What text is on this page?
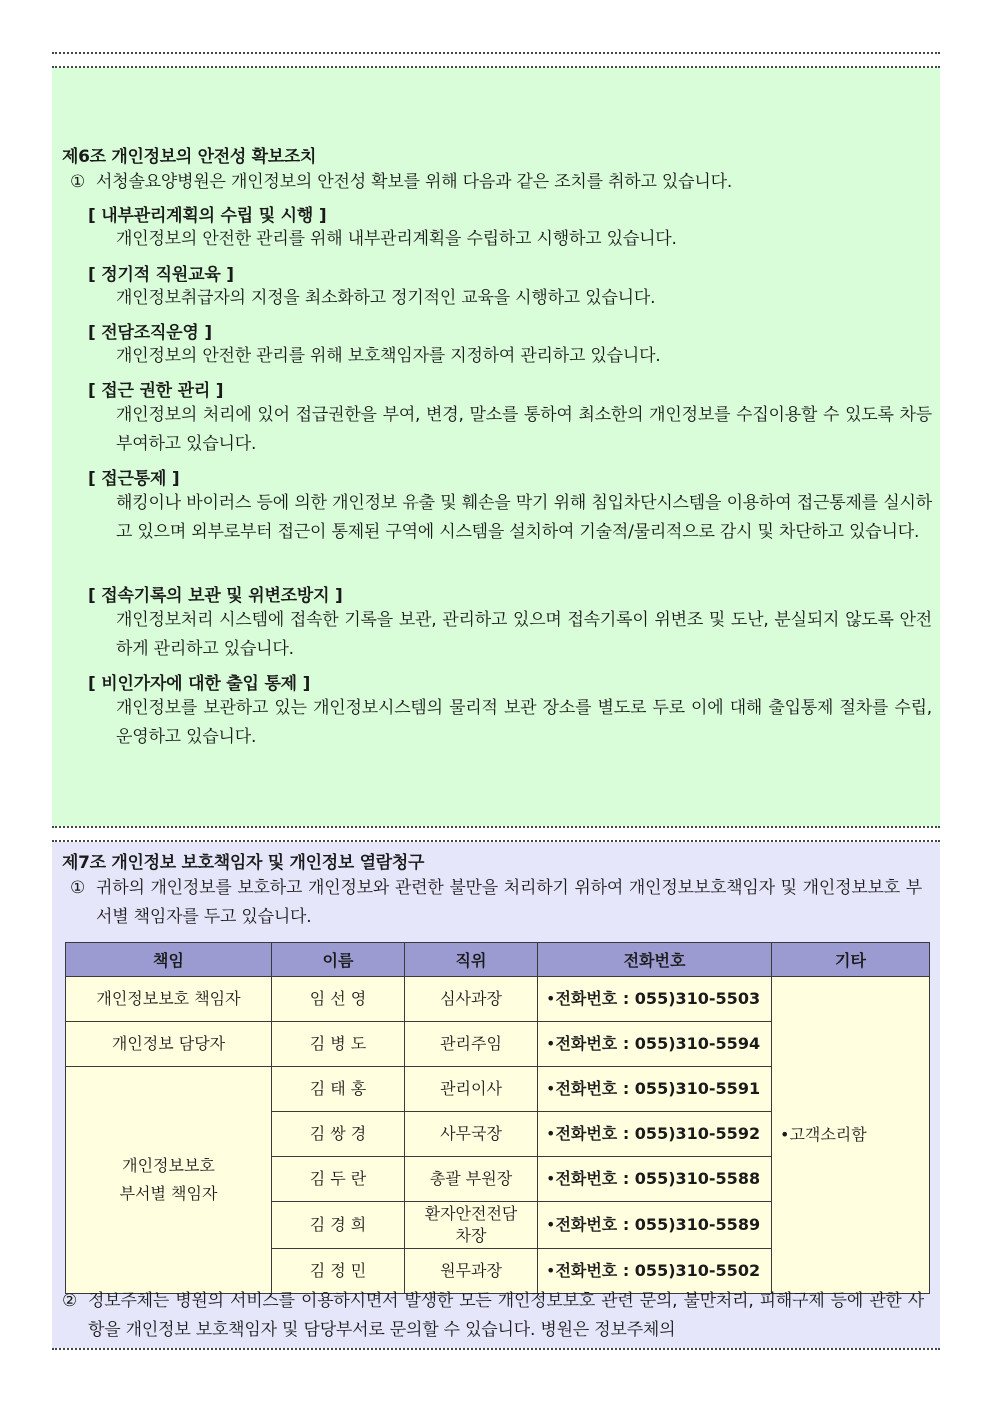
제6조 개인정보의 안전성 확보조치
① 서청솔요양병원은 개인정보의 안전성 확보를 위해 다음과 같은 조치를 취하고 있습니다.
[ 내부관리계획의 수립 및 시행 ]
개인정보의 안전한 관리를 위해 내부관리계획을 수립하고 시행하고 있습니다.
[ 정기적 직원교육 ]
개인정보취급자의 지정을 최소화하고 정기적인 교육을 시행하고 있습니다.
[ 전담조직운영 ]
개인정보의 안전한 관리를 위해 보호책임자를 지정하여 관리하고 있습니다.
[ 접근 권한 관리 ]
개인정보의 처리에 있어 접급권한을 부여, 변경, 말소를 통하여 최소한의 개인정보를 수집이용할 수 있도록 차등부여하고 있습니다.
[ 접근통제 ]
해킹이나 바이러스 등에 의한 개인정보 유출 및 훼손을 막기 위해 침입차단시스템을 이용하여 접근통제를 실시하고 있으며 외부로부터 접근이 통제된 구역에 시스템을 설치하여 기술적/물리적으로 감시 및 차단하고 있습니다.
[ 접속기록의 보관 및 위변조방지 ]
개인정보처리 시스템에 접속한 기록을 보관, 관리하고 있으며 접속기록이 위변조 및 도난, 분실되지 않도록 안전하게 관리하고 있습니다.
[ 비인가자에 대한 출입 통제 ]
개인정보를 보관하고 있는 개인정보시스템의 물리적 보관 장소를 별도로 두로 이에 대해 출입통제 절차를 수립,운영하고 있습니다.
제7조 개인정보 보호책임자 및 개인정보 열람청구
① 귀하의 개인정보를 보호하고 개인정보와 관련한 불만을 처리하기 위하여 개인정보보호책임자 및 개인정보보호 부서별 책임자를 두고 있습니다.
책임	이름	직위	전화번호	기타
개인정보보호 책임자	임 선 영	심사과장	•전화번호 : 055)310-5503	•고객소리함
개인정보 담당자	김 병 도	관리주임	•전화번호 : 055)310-5594	

개인정보보호
부서별 책임자	김 태 홍	관리이사	•전화번호 : 055)310-5591	
	김 쌍 경	사무국장	•전화번호 : 055)310-5592	
	김 두 란	총괄 부원장	•전화번호 : 055)310-5588	
	김 경 희	환자안전전담
차장	•전화번호 : 055)310-5589	
	김 정 민	원무과장	•전화번호 : 055)310-5502	
② 정보주체는 병원의 서비스를 이용하시면서 발생한 모든 개인정보보호 관련 문의, 불만처리, 피해구제 등에 관한 사항을 개인정보 보호책임자 및 담당부서로 문의할 수 있습니다. 병원은 정보주체의
